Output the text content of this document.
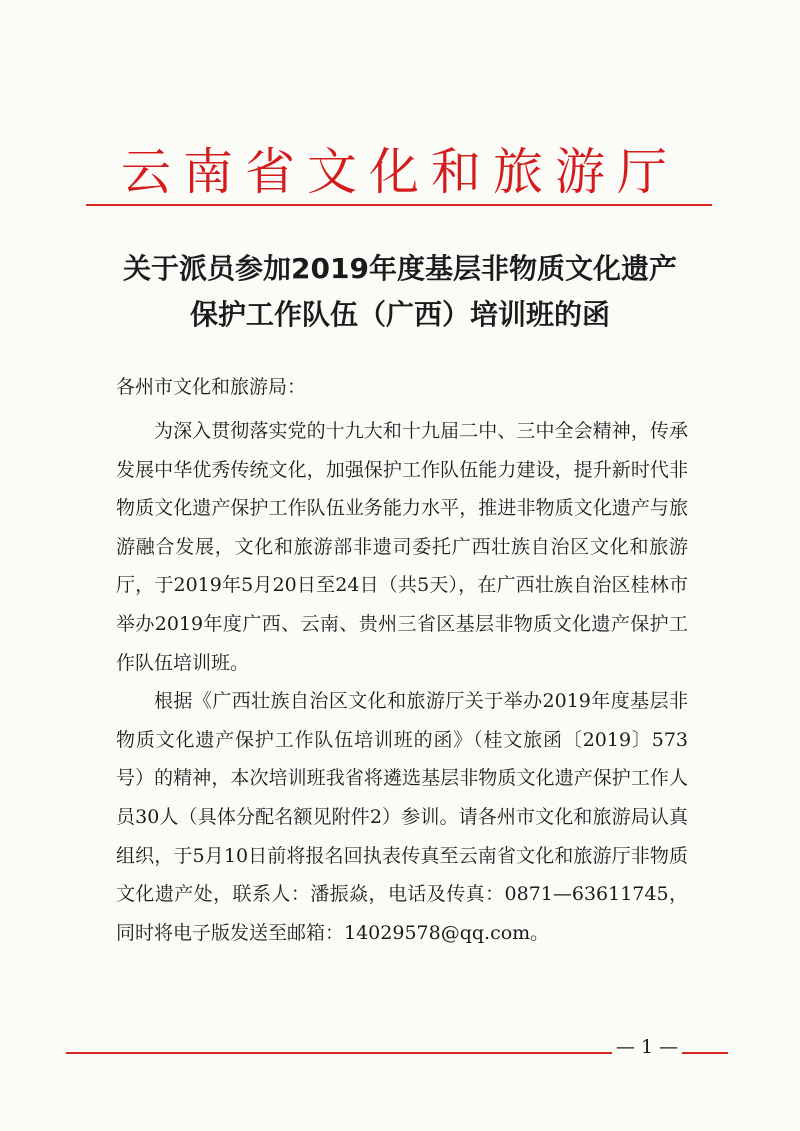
云南省文化和旅游厅
关于派员参加2019年度基层非物质文化遗产
保护工作队伍（广西）培训班的函
各州市文化和旅游局：

为深入贯彻落实党的十九大和十九届二中、三中全会精神，传承发展中华优秀传统文化，加强保护工作队伍能力建设，提升新时代非物质文化遗产保护工作队伍业务能力水平，推进非物质文化遗产与旅游融合发展，文化和旅游部非遗司委托广西壮族自治区文化和旅游厅，于2019年5月20日至24日（共5天），在广西壮族自治区桂林市举办2019年度广西、云南、贵州三省区基层非物质文化遗产保护工作队伍培训班。

根据《广西壮族自治区文化和旅游厅关于举办2019年度基层非物质文化遗产保护工作队伍培训班的函》（桂文旅函〔2019〕573号）的精神，本次培训班我省将遴选基层非物质文化遗产保护工作人员30人（具体分配名额见附件2）参训。请各州市文化和旅游局认真组织，于5月10日前将报名回执表传真至云南省文化和旅游厅非物质文化遗产处，联系人：潘振焱，电话及传真：0871—63611745，同时将电子版发送至邮箱：14029578@qq.com。

— 1 —
